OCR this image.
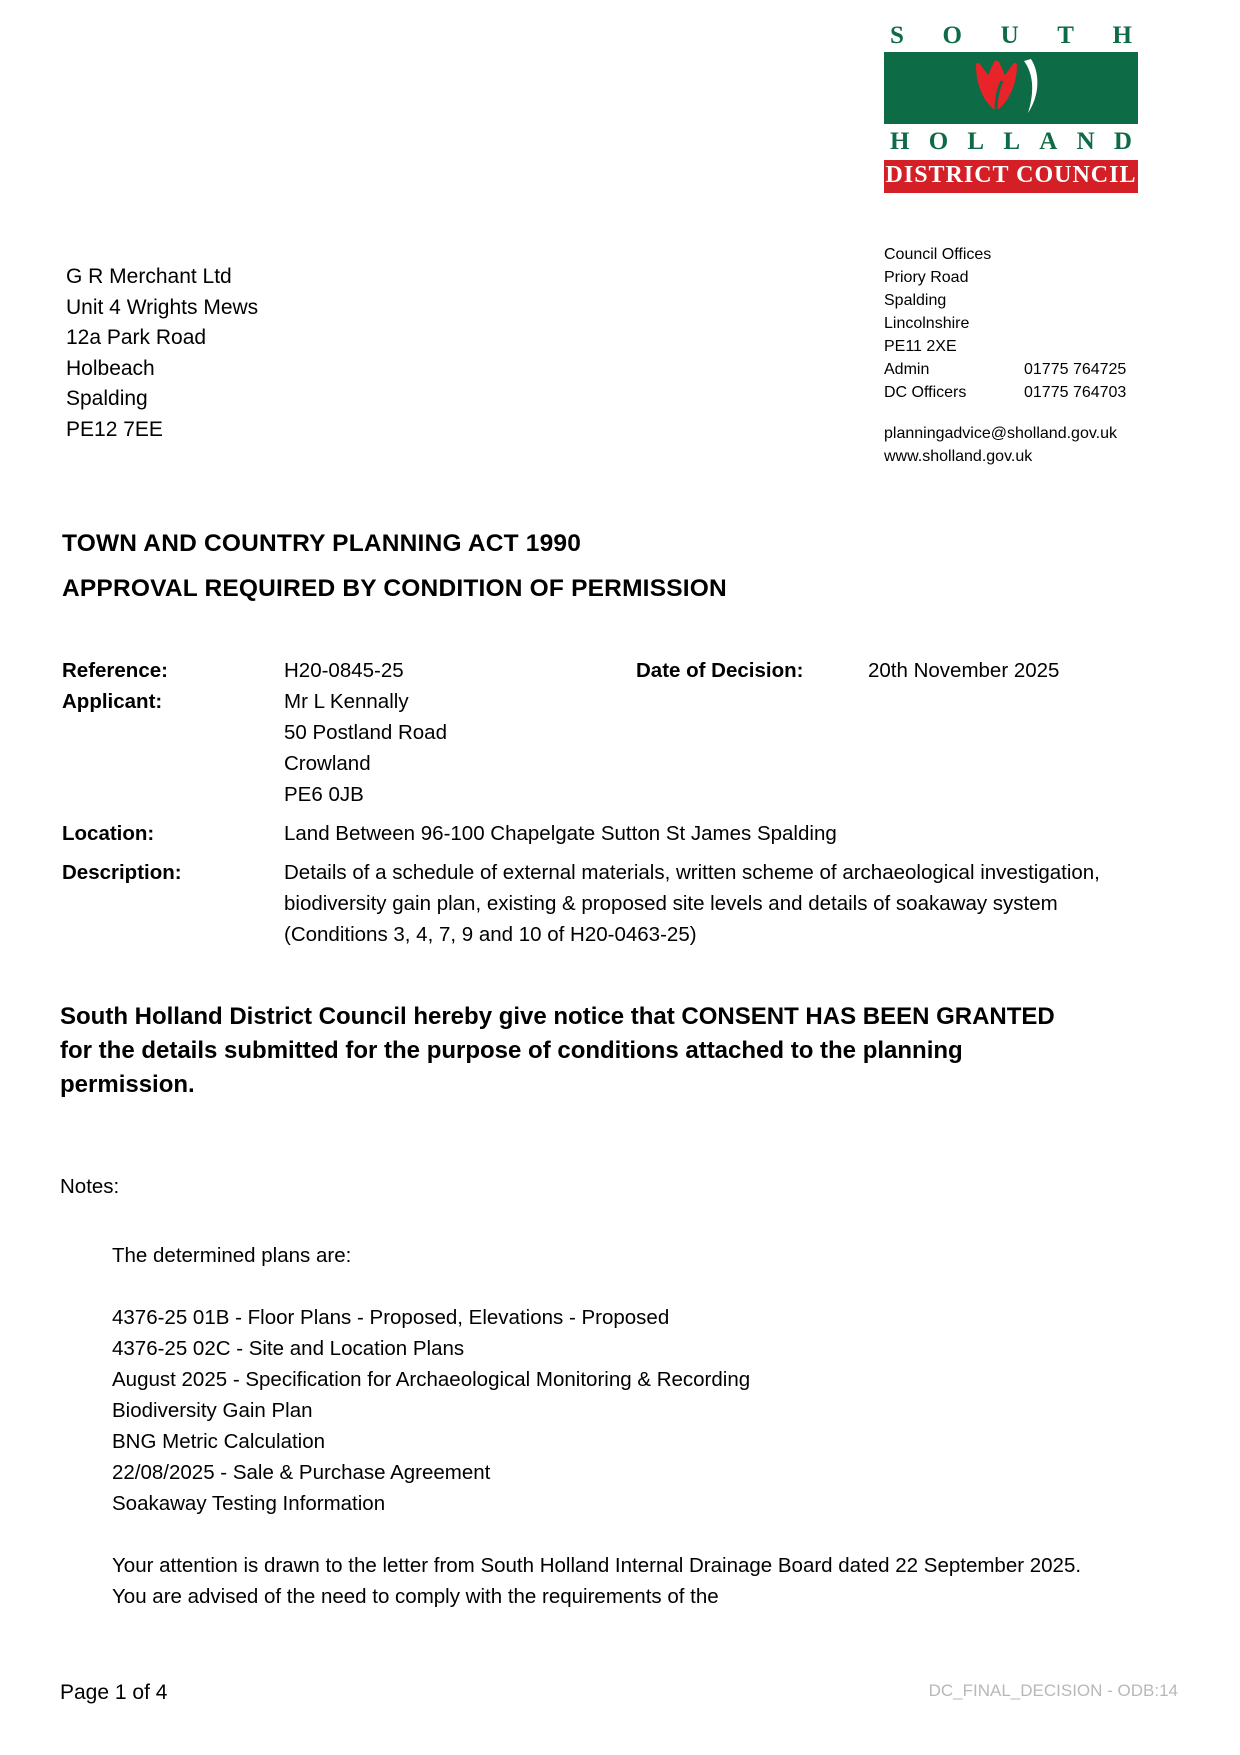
S O U T H
H O L L A N D
DISTRICT COUNCIL
G R Merchant Ltd
Unit 4 Wrights Mews
12a Park Road
Holbeach
Spalding
PE12 7EE
Council Offices
Priory Road
Spalding
Lincolnshire
PE11 2XE
Admin	01775 764725
DC Officers	01775 764703
planningadvice@sholland.gov.uk
www.sholland.gov.uk
TOWN AND COUNTRY PLANNING ACT 1990
APPROVAL REQUIRED BY CONDITION OF PERMISSION
Reference:	H20-0845-25	Date of Decision:	20th November 2025
Applicant:	Mr L Kennally
50 Postland Road
Crowland
PE6 0JB
Location:	Land Between 96-100 Chapelgate Sutton St James Spalding
Description:	Details of a schedule of external materials, written scheme of archaeological investigation, biodiversity gain plan, existing & proposed site levels and details of soakaway system (Conditions 3, 4, 7, 9 and 10 of H20-0463-25)
South Holland District Council hereby give notice that CONSENT HAS BEEN GRANTED for the details submitted for the purpose of conditions attached to the planning permission.
Notes:
The determined plans are:
4376-25 01B - Floor Plans - Proposed, Elevations - Proposed
4376-25 02C - Site and Location Plans
August 2025 - Specification for Archaeological Monitoring & Recording
Biodiversity Gain Plan
BNG Metric Calculation
22/08/2025 - Sale & Purchase Agreement
Soakaway Testing Information
Your attention is drawn to the letter from South Holland Internal Drainage Board dated 22 September 2025. You are advised of the need to comply with the requirements of the
Page 1 of 4	DC_FINAL_DECISION - ODB:14
